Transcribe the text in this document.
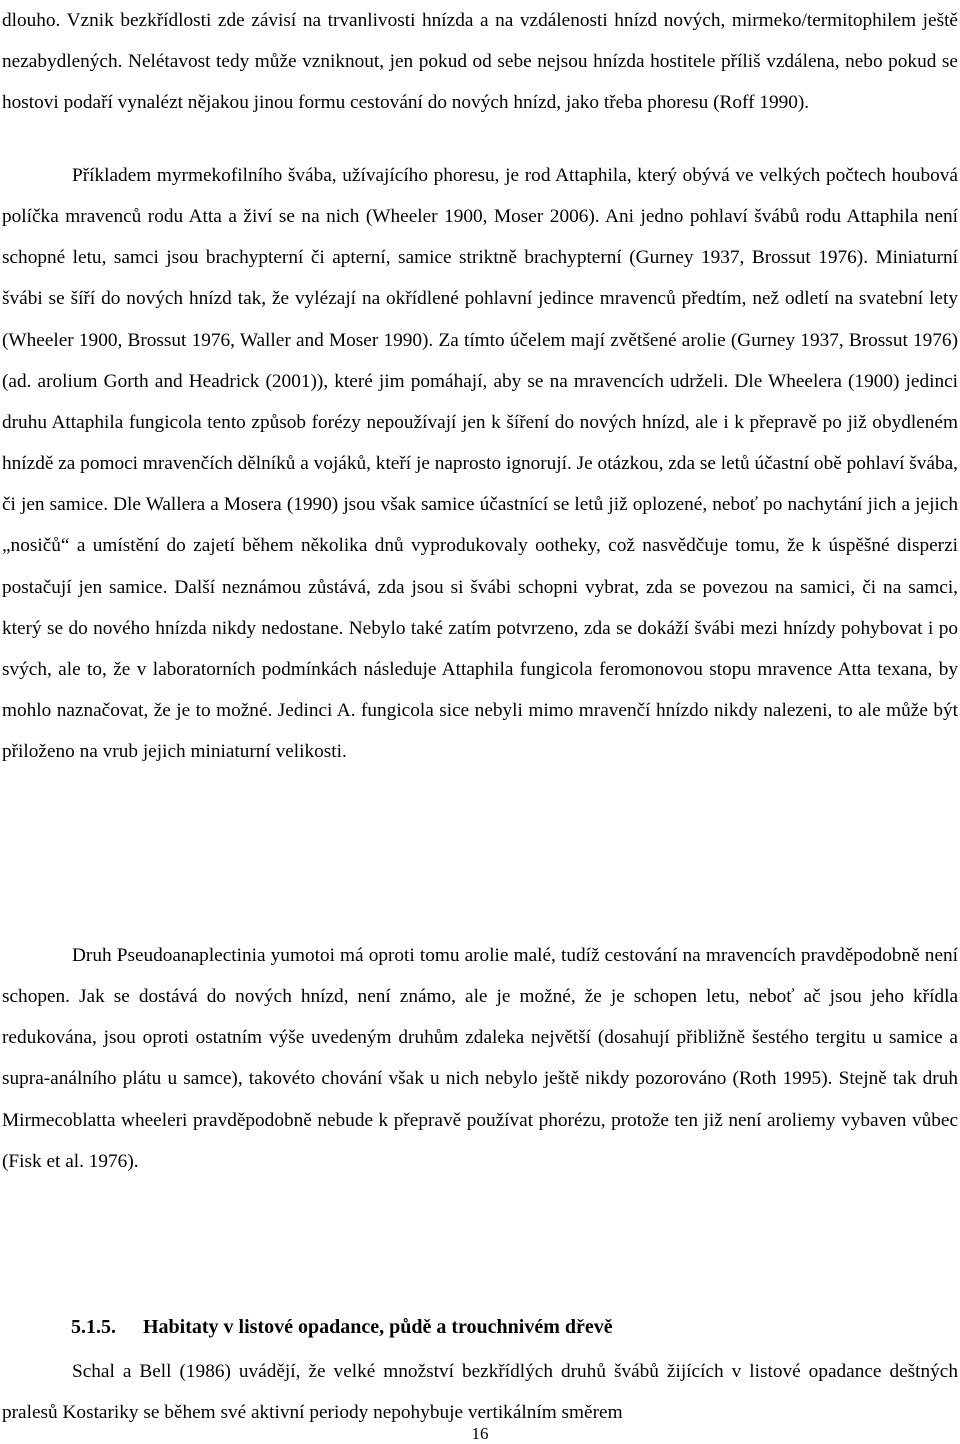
dlouho. Vznik bezkřídlosti zde závisí na trvanlivosti hnízda a na vzdálenosti hnízd nových, mirmeko/termitophilem ještě nezabydlených. Nelétavost tedy může vzniknout, jen pokud od sebe nejsou hnízda hostitele příliš vzdálena, nebo pokud se hostovi podaří vynalézt nějakou jinou formu cestování do nových hnízd, jako třeba phoresu (Roff 1990).

Příkladem myrmekofilního švába, užívajícího phoresu, je rod Attaphila, který obývá ve velkých počtech houbová políčka mravenců rodu Atta a živí se na nich (Wheeler 1900, Moser 2006). Ani jedno pohlaví švábů rodu Attaphila není schopné letu, samci jsou brachypterní či apterní, samice striktně brachypterní (Gurney 1937, Brossut 1976). Miniaturní švábi se šíří do nových hnízd tak, že vylézají na okřídlené pohlavní jedince mravenců předtím, než odletí na svatební lety (Wheeler 1900, Brossut 1976, Waller and Moser 1990). Za tímto účelem mají zvětšené arolie (Gurney 1937, Brossut 1976) (ad. arolium Gorth and Headrick (2001)), které jim pomáhají, aby se na mravencích udrželi. Dle Wheelera (1900) jedinci druhu Attaphila fungicola tento způsob forézy nepoužívají jen k šíření do nových hnízd, ale i k přepravě po již obydleném hnízdě za pomoci mravenčích dělníků a vojáků, kteří je naprosto ignorují. Je otázkou, zda se letů účastní obě pohlaví švába, či jen samice. Dle Wallera a Mosera (1990) jsou však samice účastnící se letů již oplozené, neboť po nachytání jich a jejich „nosičů“ a umístění do zajetí během několika dnů vyprodukovaly ootheky, což nasvědčuje tomu, že k úspěšné disperzi postačují jen samice. Další neznámou zůstává, zda jsou si švábi schopni vybrat, zda se povezou na samici, či na samci, který se do nového hnízda nikdy nedostane. Nebylo také zatím potvrzeno, zda se dokáží švábi mezi hnízdy pohybovat i po svých, ale to, že v laboratorních podmínkách následuje Attaphila fungicola feromonovou stopu mravence Atta texana, by mohlo naznačovat, že je to možné. Jedinci A. fungicola sice nebyli mimo mravenčí hnízdo nikdy nalezeni, to ale může být přiloženo na vrub jejich miniaturní velikosti.

Druh Pseudoanaplectinia yumotoi má oproti tomu arolie malé, tudíž cestování na mravencích pravděpodobně není schopen. Jak se dostává do nových hnízd, není známo, ale je možné, že je schopen letu, neboť ač jsou jeho křídla redukována, jsou oproti ostatním výše uvedeným druhům zdaleka největší (dosahují přibližně šestého tergitu u samice a supra-análního plátu u samce), takovéto chování však u nich nebylo ještě nikdy pozorováno (Roth 1995). Stejně tak druh Mirmecoblatta wheeleri pravděpodobně nebude k přepravě používat phorézu, protože ten již není aroliemy vybaven vůbec (Fisk et al. 1976).

5.1.5. Habitaty v listové opadance, půdě a trouchnivém dřevě

Schal a Bell (1986) uvádějí, že velké množství bezkřídlých druhů švábů žijících v listové opadance deštných pralesů Kostariky se během své aktivní periody nepohybuje vertikálním směrem

16
